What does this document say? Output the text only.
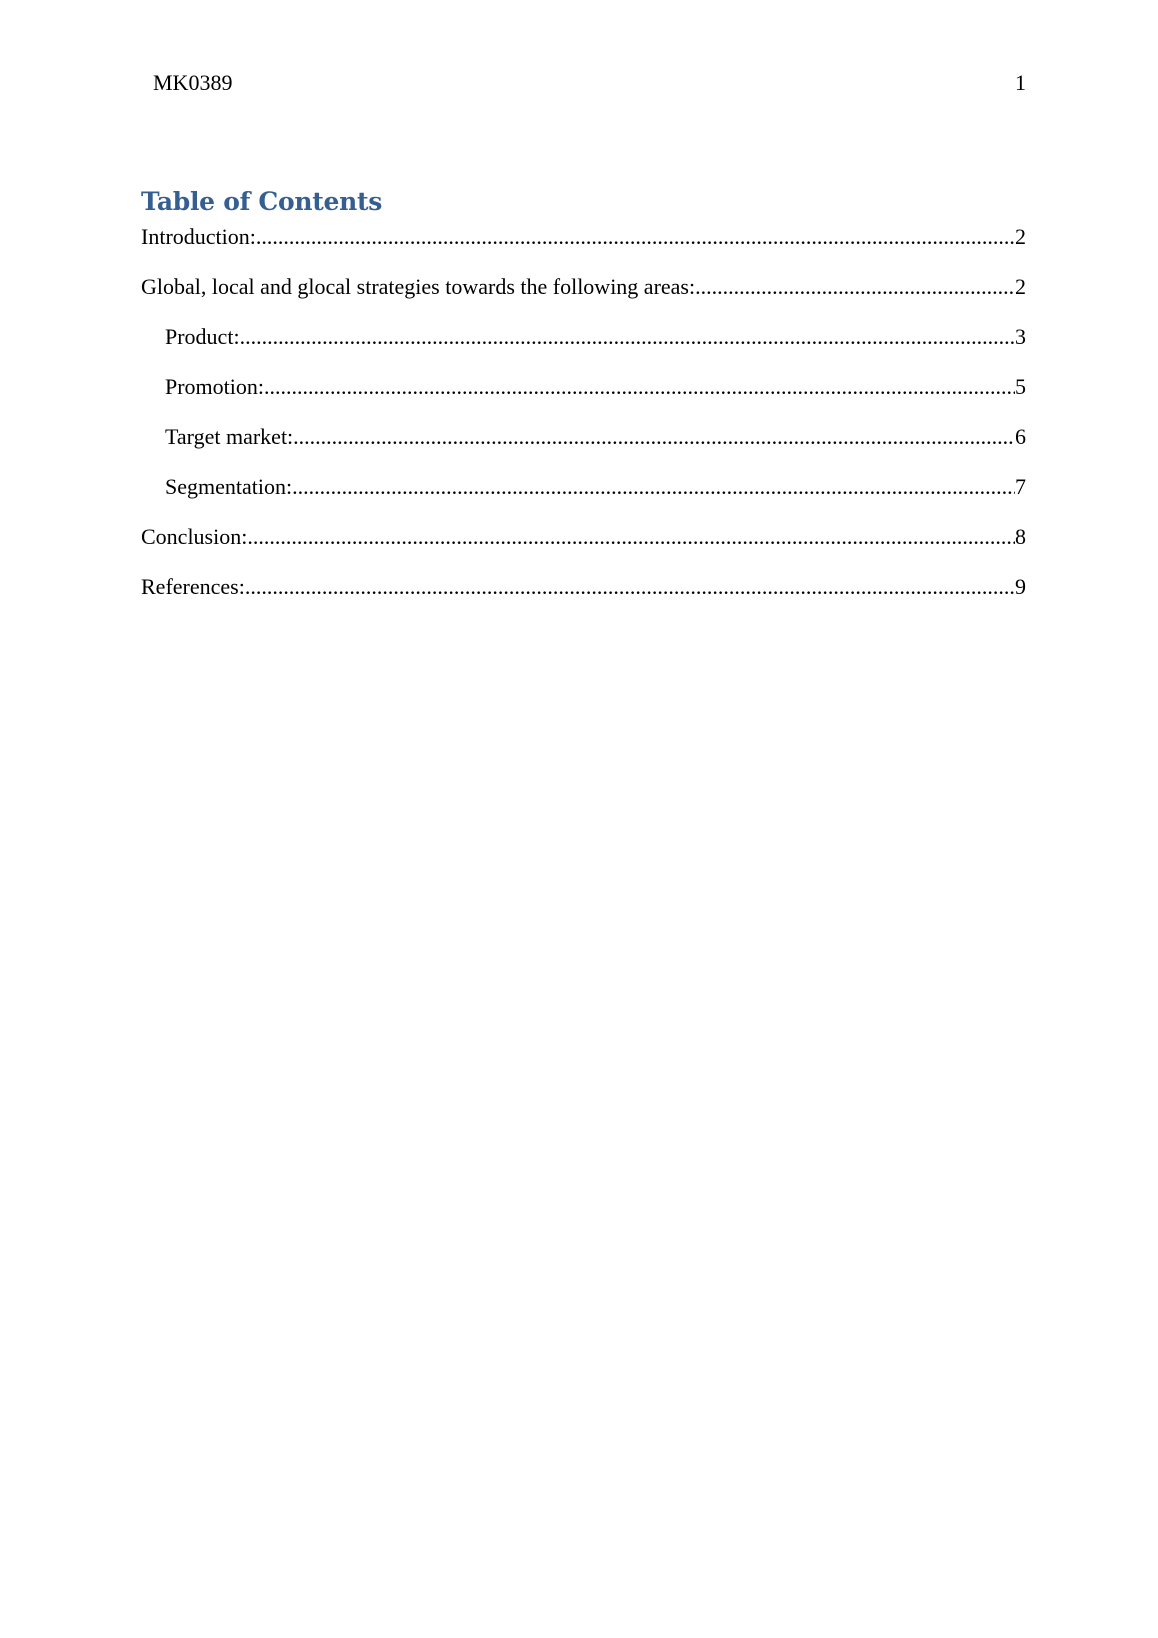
MK0389	1
Table of Contents
Introduction: .....	2
Global, local and glocal strategies towards the following areas: .....	2
Product: .....	3
Promotion: .....	5
Target market: .....	6
Segmentation: .....	7
Conclusion: .....	8
References: .....	9
